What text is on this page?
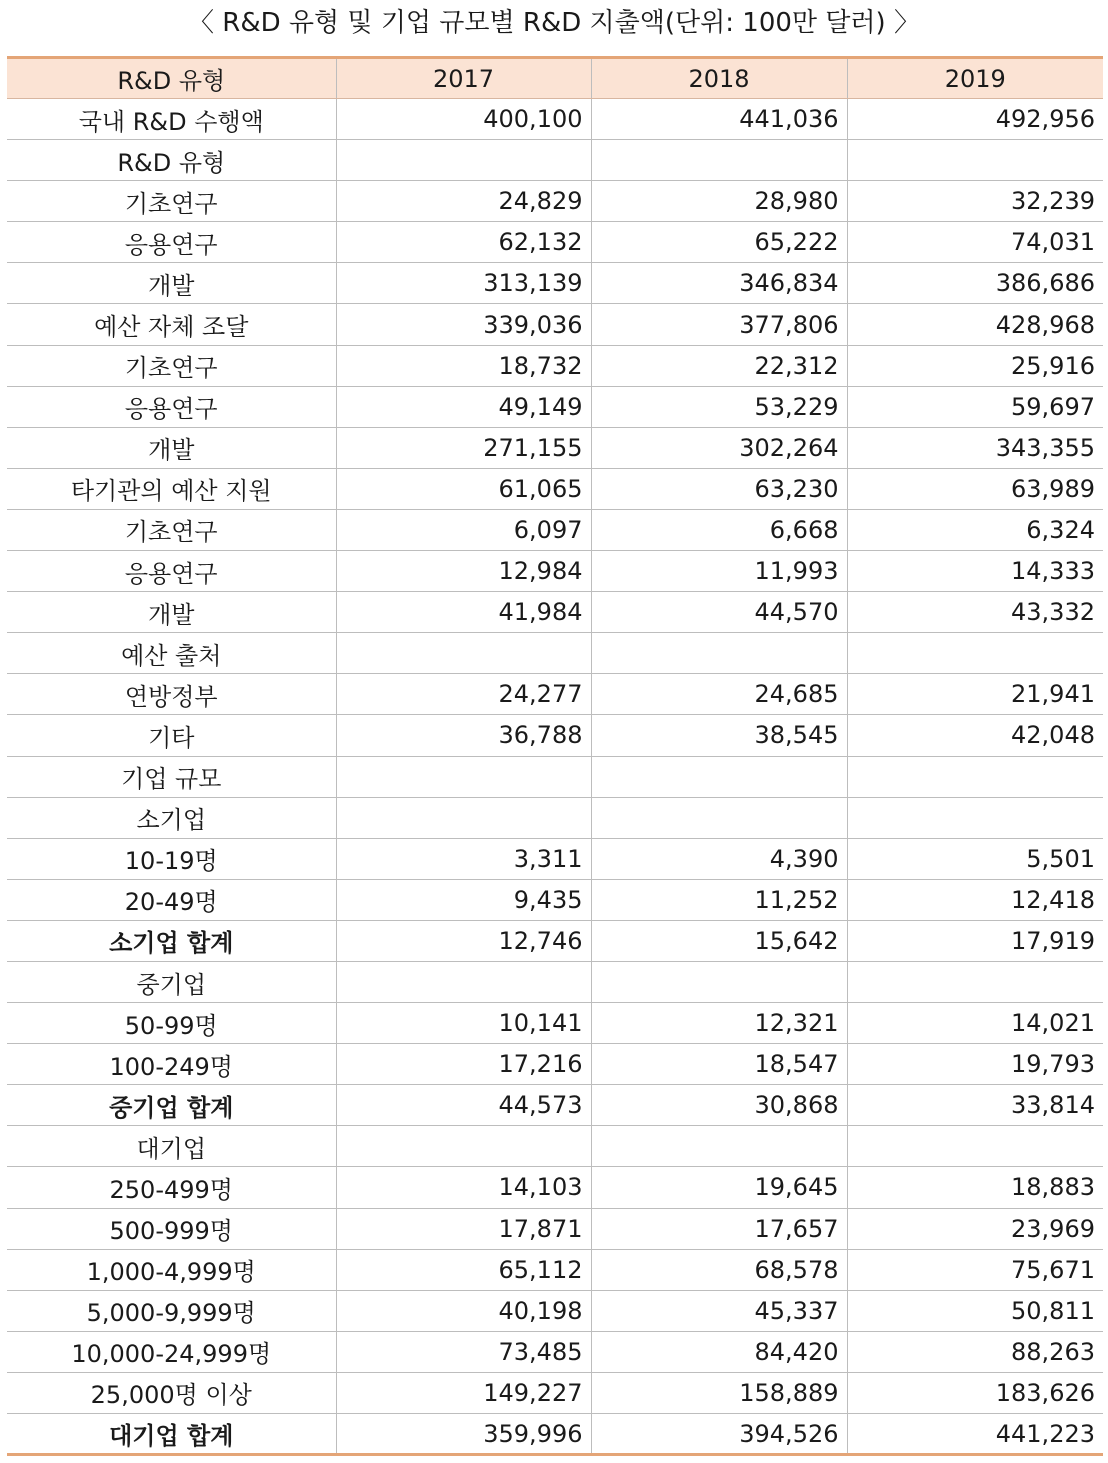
〈 R&D 유형 및 기업 규모별 R&D 지출액(단위: 100만 달러) 〉
R&D 유형	2017	2018	2019
국내 R&D 수행액	400,100	441,036	492,956
R&D 유형			
기초연구	24,829	28,980	32,239
응용연구	62,132	65,222	74,031
개발	313,139	346,834	386,686
예산 자체 조달	339,036	377,806	428,968
기초연구	18,732	22,312	25,916
응용연구	49,149	53,229	59,697
개발	271,155	302,264	343,355
타기관의 예산 지원	61,065	63,230	63,989
기초연구	6,097	6,668	6,324
응용연구	12,984	11,993	14,333
개발	41,984	44,570	43,332
예산 출처			
연방정부	24,277	24,685	21,941
기타	36,788	38,545	42,048
기업 규모			
소기업			
10-19명	3,311	4,390	5,501
20-49명	9,435	11,252	12,418
소기업 합계	12,746	15,642	17,919
중기업			
50-99명	10,141	12,321	14,021
100-249명	17,216	18,547	19,793
중기업 합계	44,573	30,868	33,814
대기업			
250-499명	14,103	19,645	18,883
500-999명	17,871	17,657	23,969
1,000-4,999명	65,112	68,578	75,671
5,000-9,999명	40,198	45,337	50,811
10,000-24,999명	73,485	84,420	88,263
25,000명 이상	149,227	158,889	183,626
대기업 합계	359,996	394,526	441,223
